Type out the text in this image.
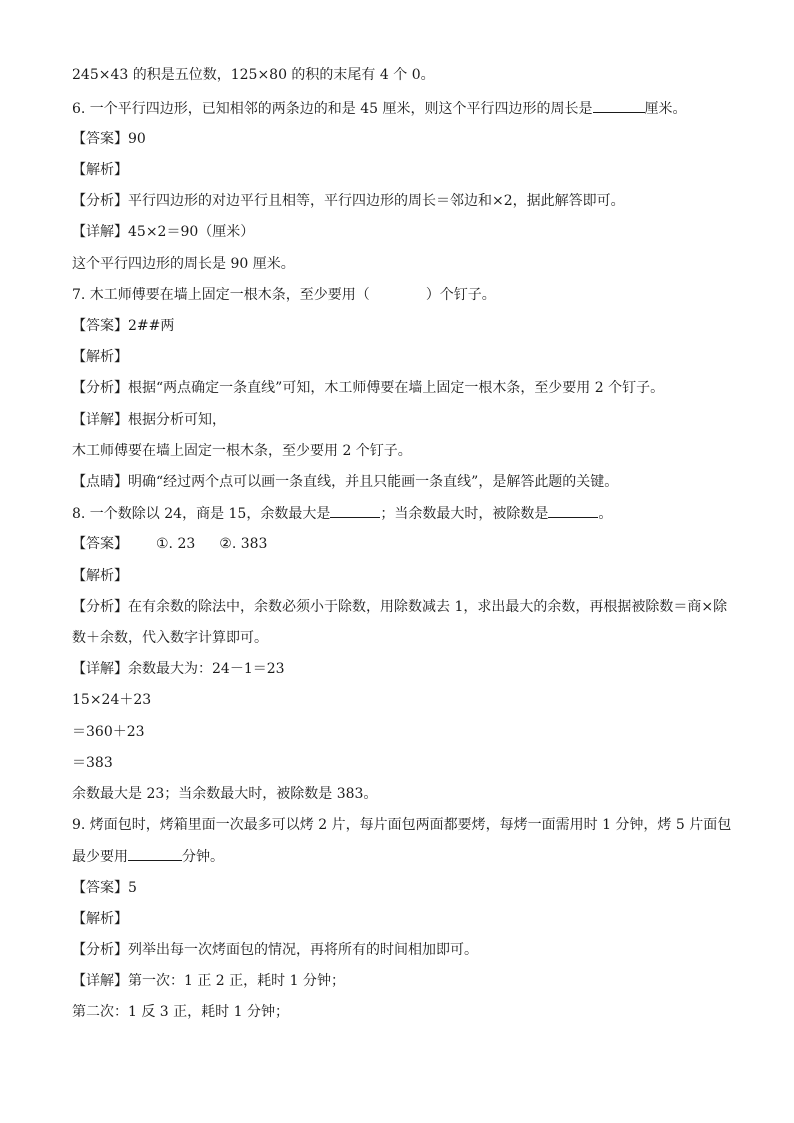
245×43 的积是五位数，125×80 的积的末尾有 4 个 0。
6. 一个平行四边形，已知相邻的两条边的和是 45 厘米，则这个平行四边形的周长是	厘米。
【答案】90
【解析】
【分析】平行四边形的对边平行且相等，平行四边形的周长＝邻边和×2，据此解答即可。
【详解】45×2＝90（厘米）
这个平行四边形的周长是 90 厘米。
7. 木工师傅要在墙上固定一根木条，至少要用（	）个钉子。
【答案】2##两
【解析】
【分析】根据“两点确定一条直线”可知，木工师傅要在墙上固定一根木条，至少要用 2 个钉子。
【详解】根据分析可知，
木工师傅要在墙上固定一根木条，至少要用 2 个钉子。
【点睛】明确“经过两个点可以画一条直线，并且只能画一条直线”，是解答此题的关键。
8. 一个数除以 24，商是 15，余数最大是	；当余数最大时，被除数是	。
【答案】 ①. 23 ②. 383
【解析】
【分析】在有余数的除法中，余数必须小于除数，用除数减去 1，求出最大的余数，再根据被除数＝商×除
数＋余数，代入数字计算即可。
【详解】余数最大为：24－1＝23
15×24＋23
＝360＋23
＝383
余数最大是 23；当余数最大时，被除数是 383。
9. 烤面包时，烤箱里面一次最多可以烤 2 片，每片面包两面都要烤，每烤一面需用时 1 分钟，烤 5 片面包
最少要用	分钟。
【答案】5
【解析】
【分析】列举出每一次烤面包的情况，再将所有的时间相加即可。
【详解】第一次：1 正 2 正，耗时 1 分钟；
第二次：1 反 3 正，耗时 1 分钟；
